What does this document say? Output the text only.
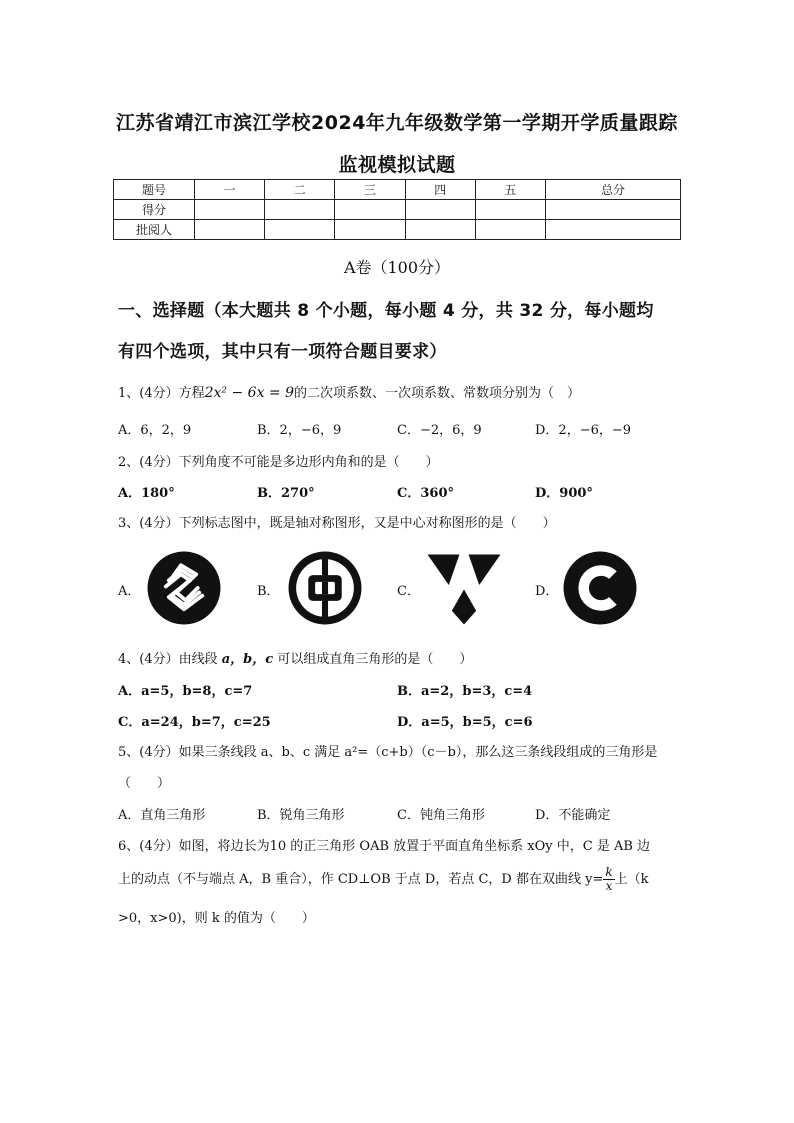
江苏省靖江市滨江学校2024年九年级数学第一学期开学质量跟踪
监视模拟试题
题号	一	二	三	四	五	总分
得分						
批阅人						
A卷（100分）
一、选择题（本大题共 8 个小题，每小题 4 分，共 32 分，每小题均
有四个选项，其中只有一项符合题目要求）
1、(4分）方程2x² − 6x = 9的二次项系数、一次项系数、常数项分别为（　）
A．6，2，9	B．2，−6，9	C．−2，6，9	D．2，−6，−9
2、(4分）下列角度不可能是多边形内角和的是（　　）
A．180°	B．270°	C．360°	D．900°
3、(4分）下列标志图中，既是轴对称图形，又是中心对称图形的是（　　）
A．	B．	C．	D．
4、(4分）由线段 a，b，c 可以组成直角三角形的是（　　）
A．a=5，b=8，c=7	B．a=2，b=3，c=4
C．a=24，b=7，c=25	D．a=5，b=5，c=6
5、(4分）如果三条线段 a、b、c 满足 a²=（c+b）（c－b），那么这三条线段组成的三角形是
（　　）
A．直角三角形	B．锐角三角形	C．钝角三角形	D．不能确定
6、(4分）如图，将边长为10 的正三角形 OAB 放置于平面直角坐标系 xOy 中，C 是 AB 边
上的动点（不与端点 A，B 重合），作 CD⊥OB 于点 D，若点 C，D 都在双曲线 $y= \frac{k}{x}$ 上（k
>0，x>0)，则 k 的值为（　　）
